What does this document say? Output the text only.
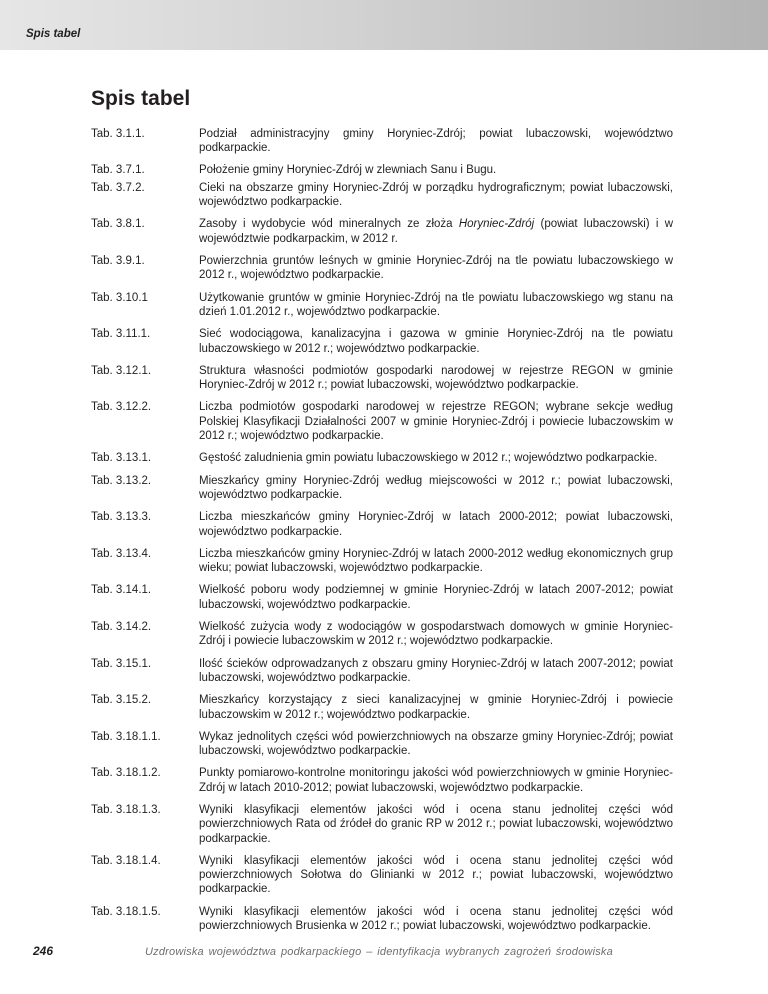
Spis tabel
Spis tabel
Tab. 3.1.1.	Podział administracyjny gminy Horyniec-Zdrój; powiat lubaczowski, województwo podkarpackie.
Tab. 3.7.1.	Położenie gminy Horyniec-Zdrój w zlewniach Sanu i Bugu.
Tab. 3.7.2.	Cieki na obszarze gminy Horyniec-Zdrój w porządku hydrograficznym; powiat lubaczowski, województwo podkarpackie.
Tab. 3.8.1.	Zasoby i wydobycie wód mineralnych ze złoża Horyniec-Zdrój (powiat lubaczowski) i w województwie podkarpackim, w 2012 r.
Tab. 3.9.1.	Powierzchnia gruntów leśnych w gminie Horyniec-Zdrój na tle powiatu lubaczowskiego w 2012 r., województwo podkarpackie.
Tab. 3.10.1	Użytkowanie gruntów w gminie Horyniec-Zdrój na tle powiatu lubaczowskiego wg stanu na dzień 1.01.2012 r., województwo podkarpackie.
Tab. 3.11.1.	Sieć wodociągowa, kanalizacyjna i gazowa w gminie Horyniec-Zdrój na tle powiatu lubaczowskiego w 2012 r.; województwo podkarpackie.
Tab. 3.12.1.	Struktura własności podmiotów gospodarki narodowej w rejestrze REGON w gminie Horyniec-Zdrój w 2012 r.; powiat lubaczowski, województwo podkarpackie.
Tab. 3.12.2.	Liczba podmiotów gospodarki narodowej w rejestrze REGON; wybrane sekcje według Polskiej Klasyfikacji Działalności 2007 w gminie Horyniec-Zdrój i powiecie lubaczowskim w 2012 r.; województwo podkarpackie.
Tab. 3.13.1.	Gęstość zaludnienia gmin powiatu lubaczowskiego w 2012 r.; województwo podkarpackie.
Tab. 3.13.2.	Mieszkańcy gminy Horyniec-Zdrój według miejscowości w 2012 r.; powiat lubaczowski, województwo podkarpackie.
Tab. 3.13.3.	Liczba mieszkańców gminy Horyniec-Zdrój w latach 2000-2012; powiat lubaczowski, województwo podkarpackie.
Tab. 3.13.4.	Liczba mieszkańców gminy Horyniec-Zdrój w latach 2000-2012 według ekonomicznych grup wieku; powiat lubaczowski, województwo podkarpackie.
Tab. 3.14.1.	Wielkość poboru wody podziemnej w gminie Horyniec-Zdrój w latach 2007-2012; powiat lubaczowski, województwo podkarpackie.
Tab. 3.14.2.	Wielkość zużycia wody z wodociągów w gospodarstwach domowych w gminie Horyniec-Zdrój i powiecie lubaczowskim w 2012 r.; województwo podkarpackie.
Tab. 3.15.1.	Ilość ścieków odprowadzanych z obszaru gminy Horyniec-Zdrój w latach 2007-2012; powiat lubaczowski, województwo podkarpackie.
Tab. 3.15.2.	Mieszkańcy korzystający z sieci kanalizacyjnej w gminie Horyniec-Zdrój i powiecie lubaczowskim w 2012 r.; województwo podkarpackie.
Tab. 3.18.1.1.	Wykaz jednolitych części wód powierzchniowych na obszarze gminy Horyniec-Zdrój; powiat lubaczowski, województwo podkarpackie.
Tab. 3.18.1.2.	Punkty pomiarowo-kontrolne monitoringu jakości wód powierzchniowych w gminie Horyniec-Zdrój w latach 2010-2012; powiat lubaczowski, województwo podkarpackie.
Tab. 3.18.1.3.	Wyniki klasyfikacji elementów jakości wód i ocena stanu jednolitej części wód powierzchniowych Rata od źródeł do granic RP w 2012 r.; powiat lubaczowski, województwo podkarpackie.
Tab. 3.18.1.4.	Wyniki klasyfikacji elementów jakości wód i ocena stanu jednolitej części wód powierzchniowych Sołotwa do Glinianki w 2012 r.; powiat lubaczowski, województwo podkarpackie.
Tab. 3.18.1.5.	Wyniki klasyfikacji elementów jakości wód i ocena stanu jednolitej części wód powierzchniowych Brusienka w 2012 r.; powiat lubaczowski, województwo podkarpackie.
246	Uzdrowiska województwa podkarpackiego – identyfikacja wybranych zagrożeń środowiska
